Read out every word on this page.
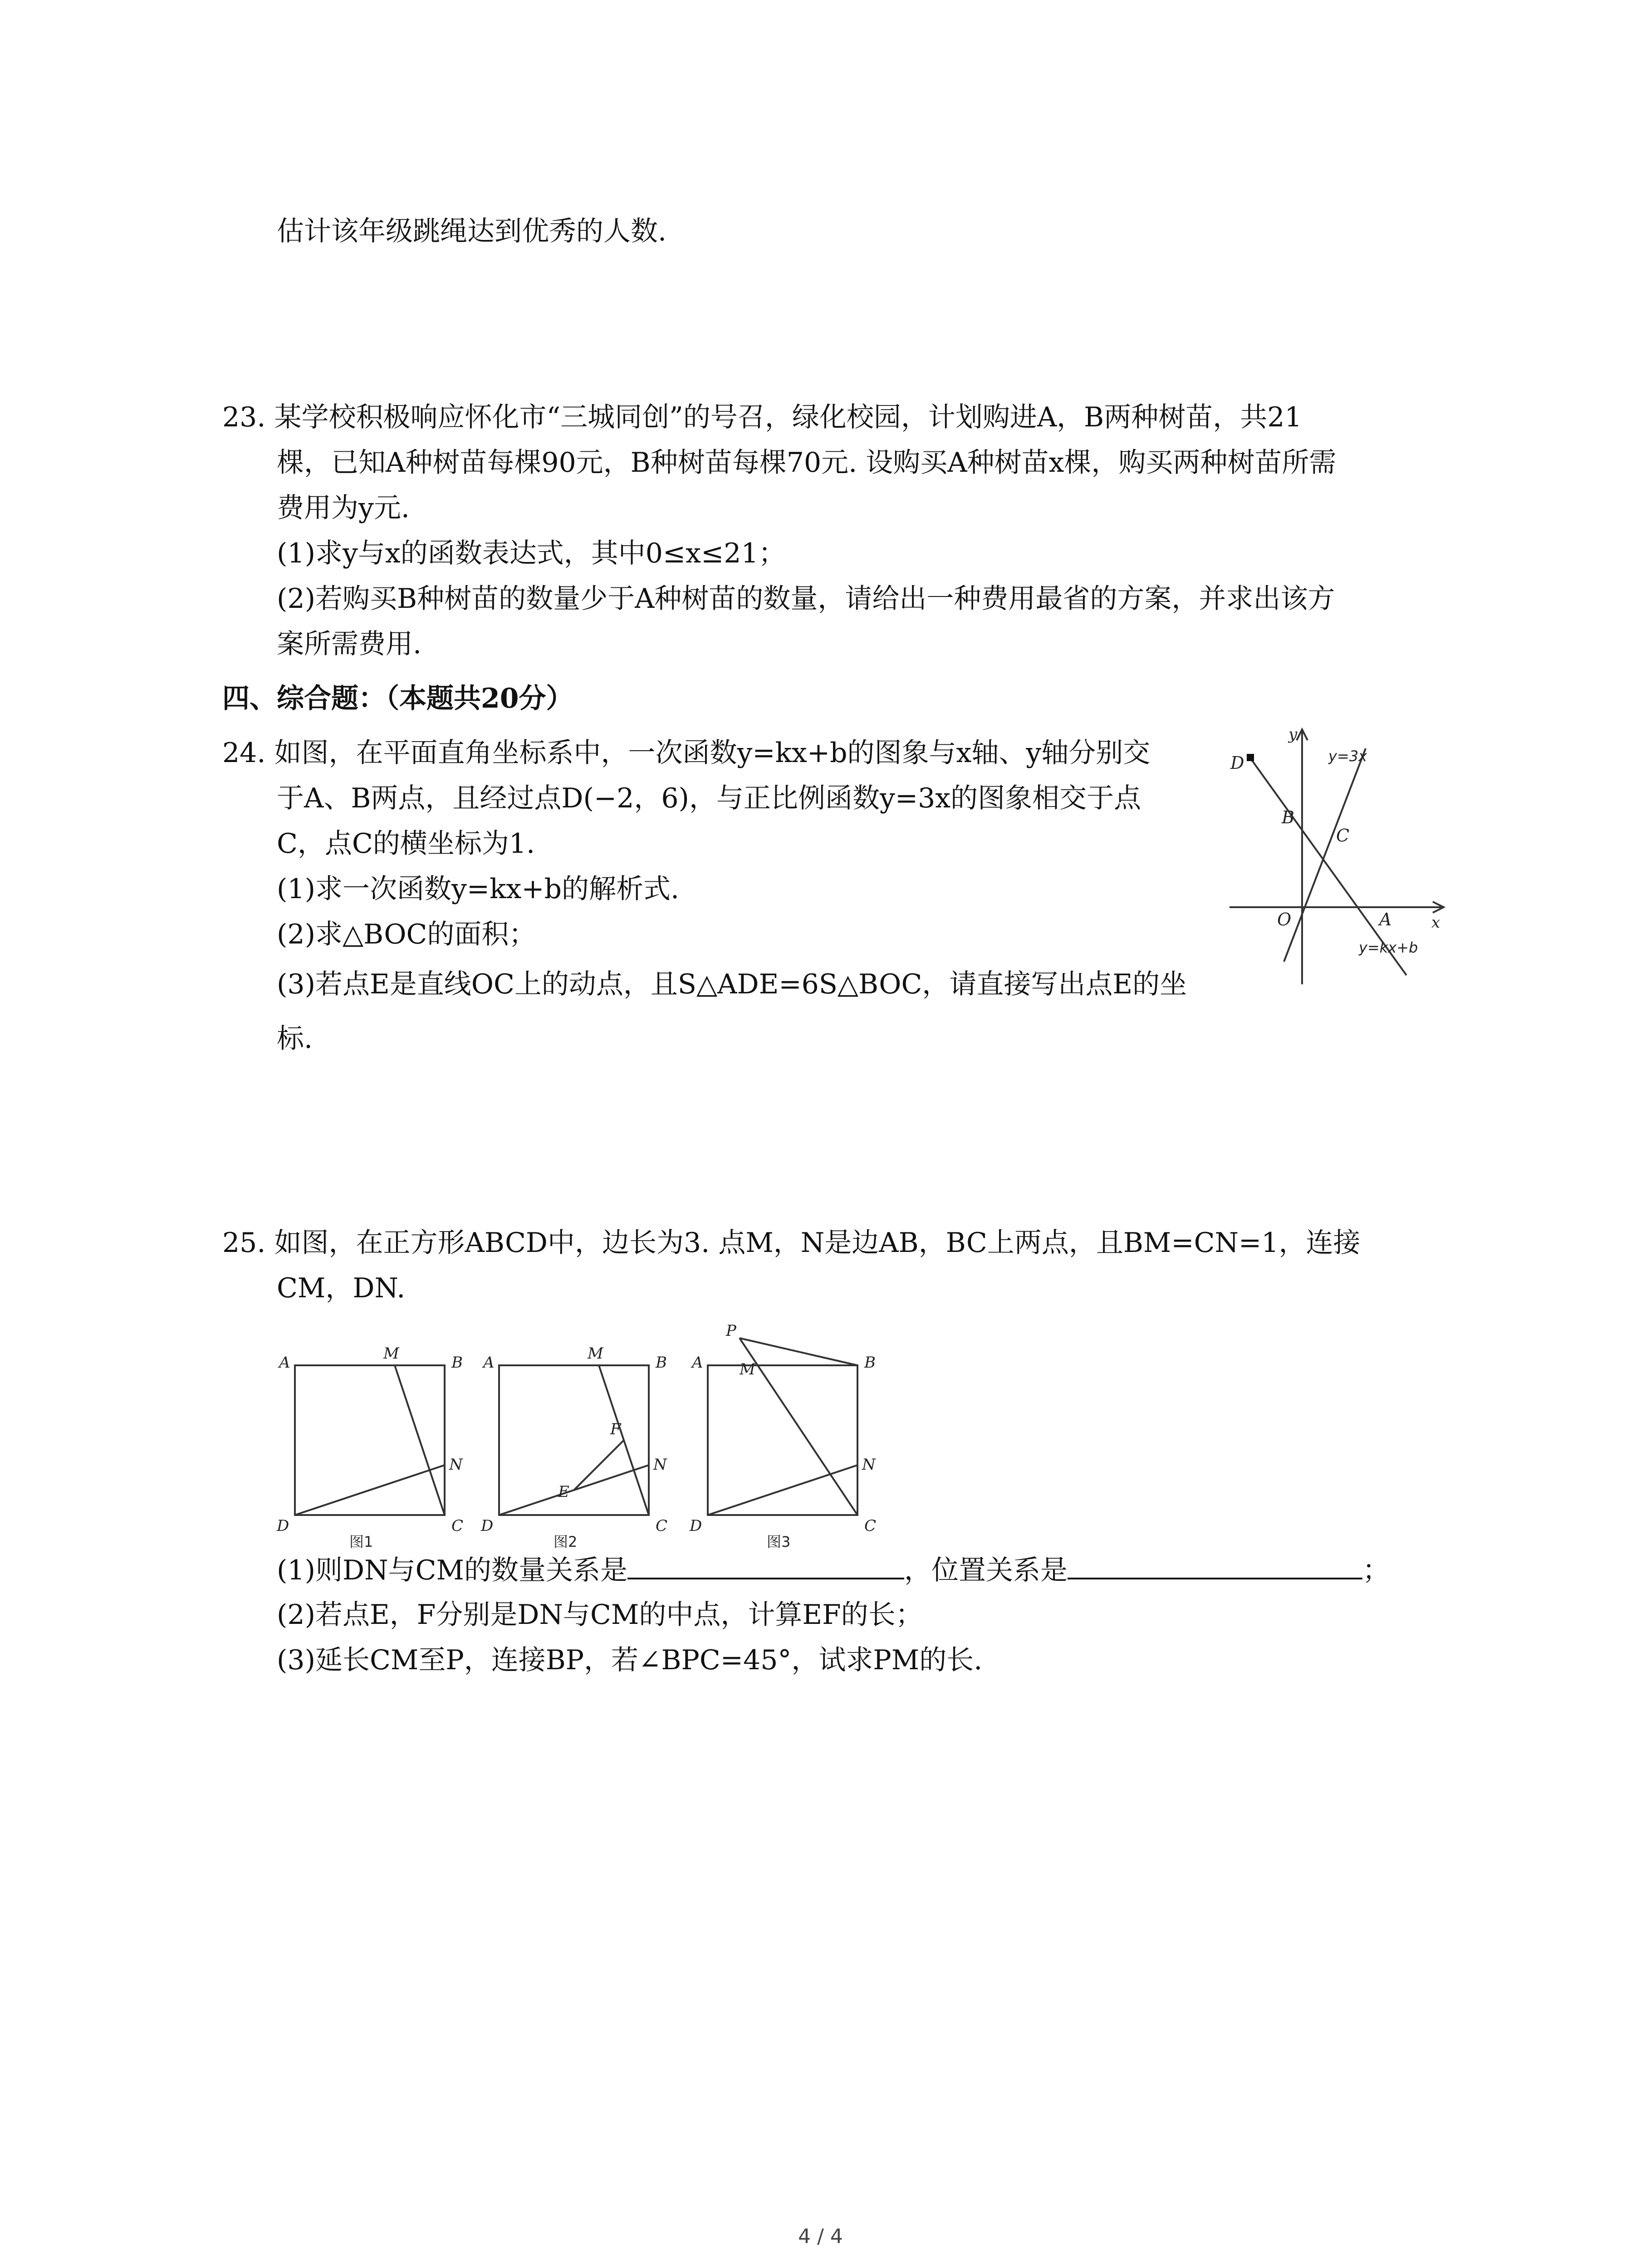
估计该年级跳绳达到优秀的人数.
23. 某学校积极响应怀化市“三城同创”的号召，绿化校园，计划购进A，B两种树苗，共21
棵，已知A种树苗每棵90元，B种树苗每棵70元. 设购买A种树苗x棵，购买两种树苗所需
费用为y元.
(1)求y与x的函数表达式，其中0≤x≤21；
(2)若购买B种树苗的数量少于A种树苗的数量，请给出一种费用最省的方案，并求出该方
案所需费用.
四、综合题：（本题共20分）
24. 如图，在平面直角坐标系中，一次函数y=kx+b的图象与x轴、y轴分别交
于A、B两点，且经过点D(−2，6)，与正比例函数y=3x的图象相交于点
C，点C的横坐标为1.
(1)求一次函数y=kx+b的解析式.
(2)求△BOC的面积；
(3)若点E是直线OC上的动点，且S△ADE=6S△BOC，请直接写出点E的坐
标.
y
x
O	A
B
C
D	y=3x
y=kx+b
25. 如图，在正方形ABCD中，边长为3. 点M，N是边AB，BC上两点，且BM=CN=1，连接
CM，DN.
A	B
C
D
M
N
图1
A	B
C
D
M
N
E
F
图2
A	B
C
D
M
N
P
图3
(1)则DN与CM的数量关系是	，位置关系是	；
(2)若点E，F分别是DN与CM的中点，计算EF的长；
(3)延长CM至P，连接BP，若∠BPC=45°，试求PM的长.
4 / 4
